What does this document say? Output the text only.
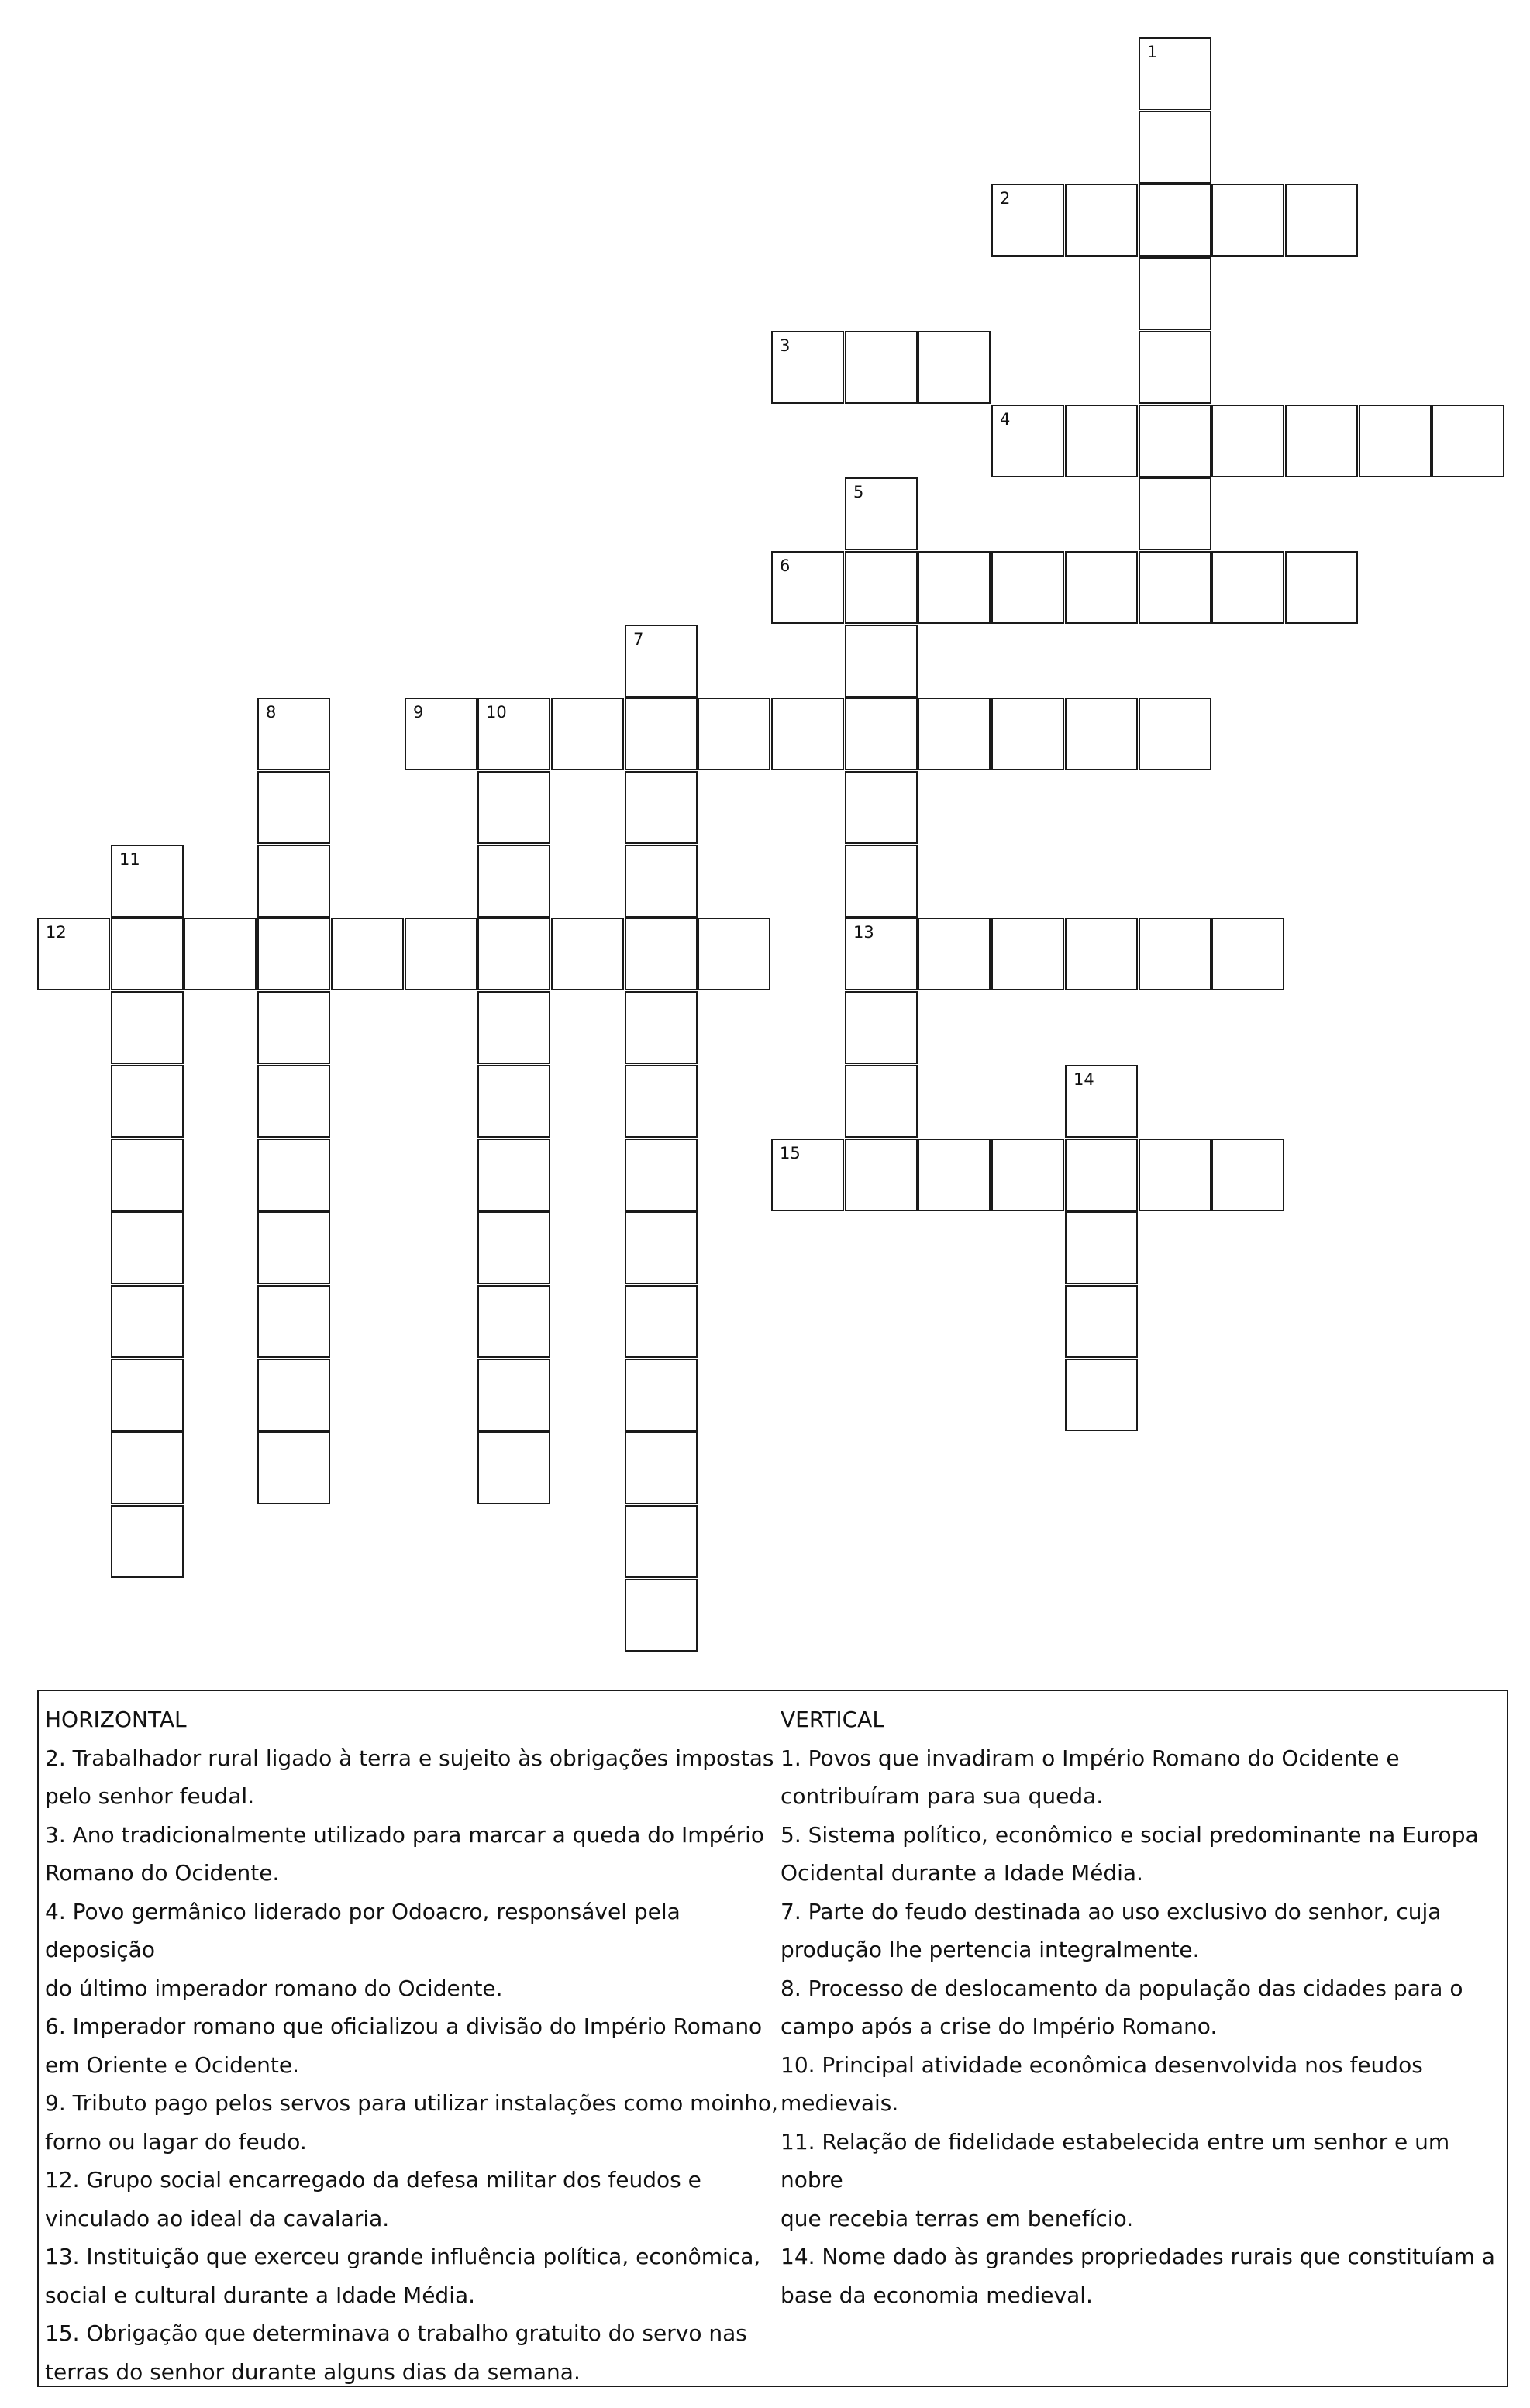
1
2
3
4
5
6
7
8	9	10
11
12	13
14
15
HORIZONTAL

2. Trabalhador rural ligado à terra e sujeito às obrigações impostas

pelo senhor feudal.

3. Ano tradicionalmente utilizado para marcar a queda do Império

Romano do Ocidente.

4. Povo germânico liderado por Odoacro, responsável pela deposição

do último imperador romano do Ocidente.

6. Imperador romano que oficializou a divisão do Império Romano

em Oriente e Ocidente.

9. Tributo pago pelos servos para utilizar instalações como moinho,

forno ou lagar do feudo.

12. Grupo social encarregado da defesa militar dos feudos e

vinculado ao ideal da cavalaria.

13. Instituição que exerceu grande influência política, econômica,

social e cultural durante a Idade Média.

15. Obrigação que determinava o trabalho gratuito do servo nas

terras do senhor durante alguns dias da semana.

VERTICAL

1. Povos que invadiram o Império Romano do Ocidente e

contribuíram para sua queda.

5. Sistema político, econômico e social predominante na Europa

Ocidental durante a Idade Média.

7. Parte do feudo destinada ao uso exclusivo do senhor, cuja

produção lhe pertencia integralmente.

8. Processo de deslocamento da população das cidades para o

campo após a crise do Império Romano.

10. Principal atividade econômica desenvolvida nos feudos

medievais.

11. Relação de fidelidade estabelecida entre um senhor e um nobre

que recebia terras em benefício.

14. Nome dado às grandes propriedades rurais que constituíam a

base da economia medieval.
